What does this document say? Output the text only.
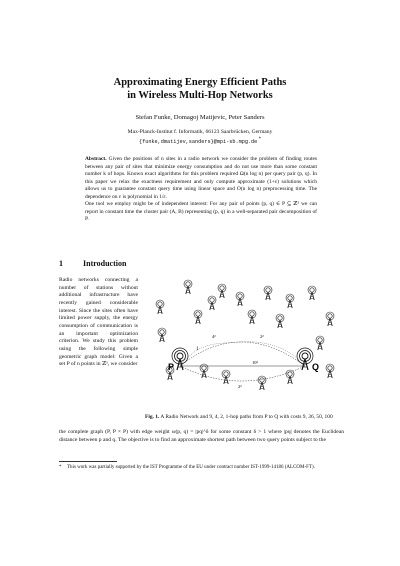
Approximating Energy Efficient Paths
in Wireless Multi-Hop Networks
Stefan Funke, Domagoj Matijevic, Peter Sanders
Max-Planck-Institut f. Informatik, 66123 Saarbrücken, Germany
{funke,dmatijev,sanders}@mpi-sb.mpg.de *

Abstract. Given the positions of n sites in a radio network we consider the problem of finding routes between any pair of sites that minimize energy consumption and do not use more than some constant number k of hops. Known exact algorithms for this problem required Ω(n log n) per query pair (p, q). In this paper we relax the exactness requirement and only compute approximate (1+ε) solutions which allows us to guarantee constant query time using linear space and O(n log n) preprocessing time. The dependence on ε is polynomial in 1/ε.

One tool we employ might be of independent interest: For any pair of points (p, q) ∈ P ⊆ ℤ² we can report in constant time the cluster pair (A, B) representing (p, q) in a well-separated pair decomposition of P.

1	Introduction
Radio networks connecting a number of stations without additional infrastructure have recently gained considerable interest. Since the sites often have limited power supply, the energy consumption of communication is an important optimization criterion. We study this problem using the following simple geometric graph model: Given a set P of n points in ℤ², we consider
1
4²	2²
2²
10²
P	Q
Fig. 1. A Radio Network and 9, 4, 2, 1-hop paths from P to Q with costs 9, 36, 50, 100
the complete graph (P, P × P) with edge weight ω(p, q) = |pq|^δ for some constant δ > 1 where |pq| denotes the Euclidean distance between p and q. The objective is to find an approximate shortest path between two query points subject to the
* This work was partially supported by the IST Programme of the EU under contract number IST-1999-14186 (ALCOM-FT).
